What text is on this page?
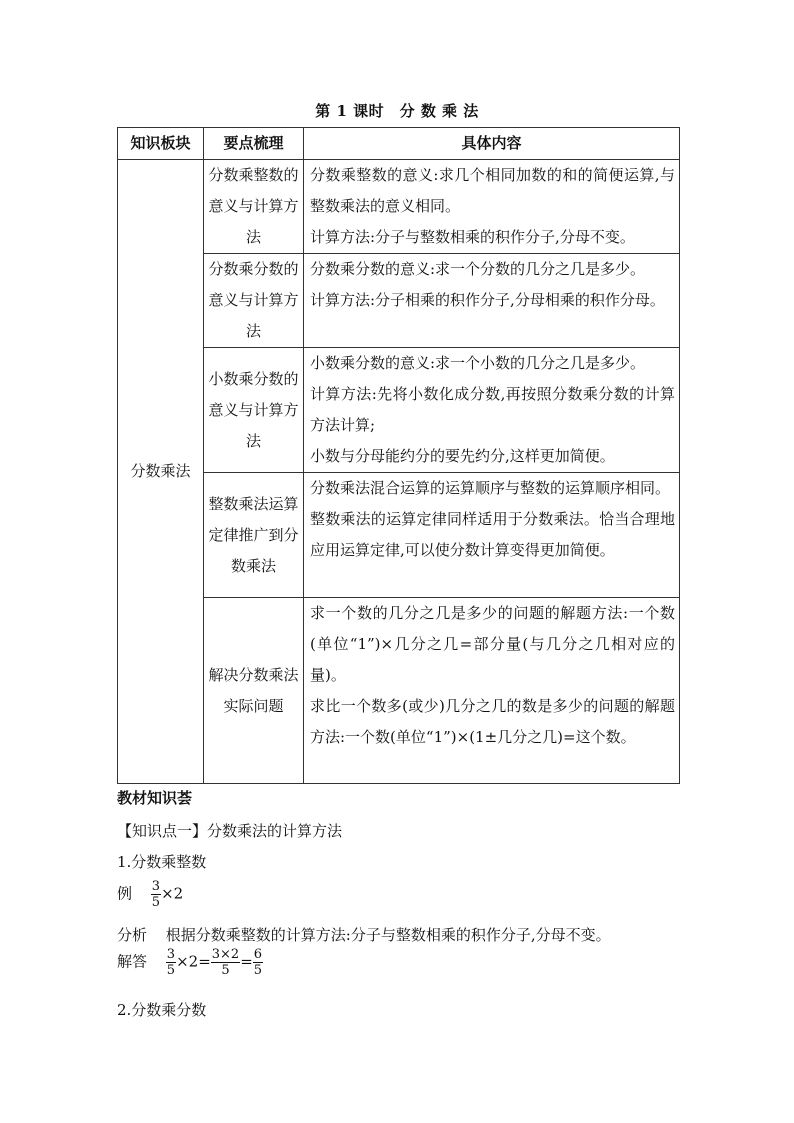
第 1 课时　分 数 乘 法
知识板块	要点梳理	具体内容
分数乘法	分数乘整数的意义与计算方法	分数乘整数的意义:求几个相同加数的和的简便运算,与整数乘法的意义相同。
计算方法:分子与整数相乘的积作分子,分母不变。

	分数乘分数的意义与计算方法	分数乘分数的意义:求一个分数的几分之几是多少。
计算方法:分子相乘的积作分子,分母相乘的积作分母。

	小数乘分数的意义与计算方法	小数乘分数的意义:求一个小数的几分之几是多少。
计算方法:先将小数化成分数,再按照分数乘分数的计算方法计算;
小数与分母能约分的要先约分,这样更加简便。

	整数乘法运算定律推广到分数乘法	分数乘法混合运算的运算顺序与整数的运算顺序相同。
整数乘法的运算定律同样适用于分数乘法。恰当合理地应用运算定律,可以使分数计算变得更加简便。

	解决分数乘法实际问题	求一个数的几分之几是多少的问题的解题方法:一个数(单位“1”)×几分之几=部分量(与几分之几相对应的量)。
求比一个数多(或少)几分之几的数是多少的问题的解题方法:一个数(单位“1”)×(1±几分之几)=这个数。
教材知识荟
【知识点一】分数乘法的计算方法
1.分数乘整数
例 $\frac{3}{5} \times 2$
分析 根据分数乘整数的计算方法:分子与整数相乘的积作分子,分母不变。
解答 $\frac{3}{5} \times 2= \frac{3\times 2}{5} = \frac{6}{5}$
2.分数乘分数
